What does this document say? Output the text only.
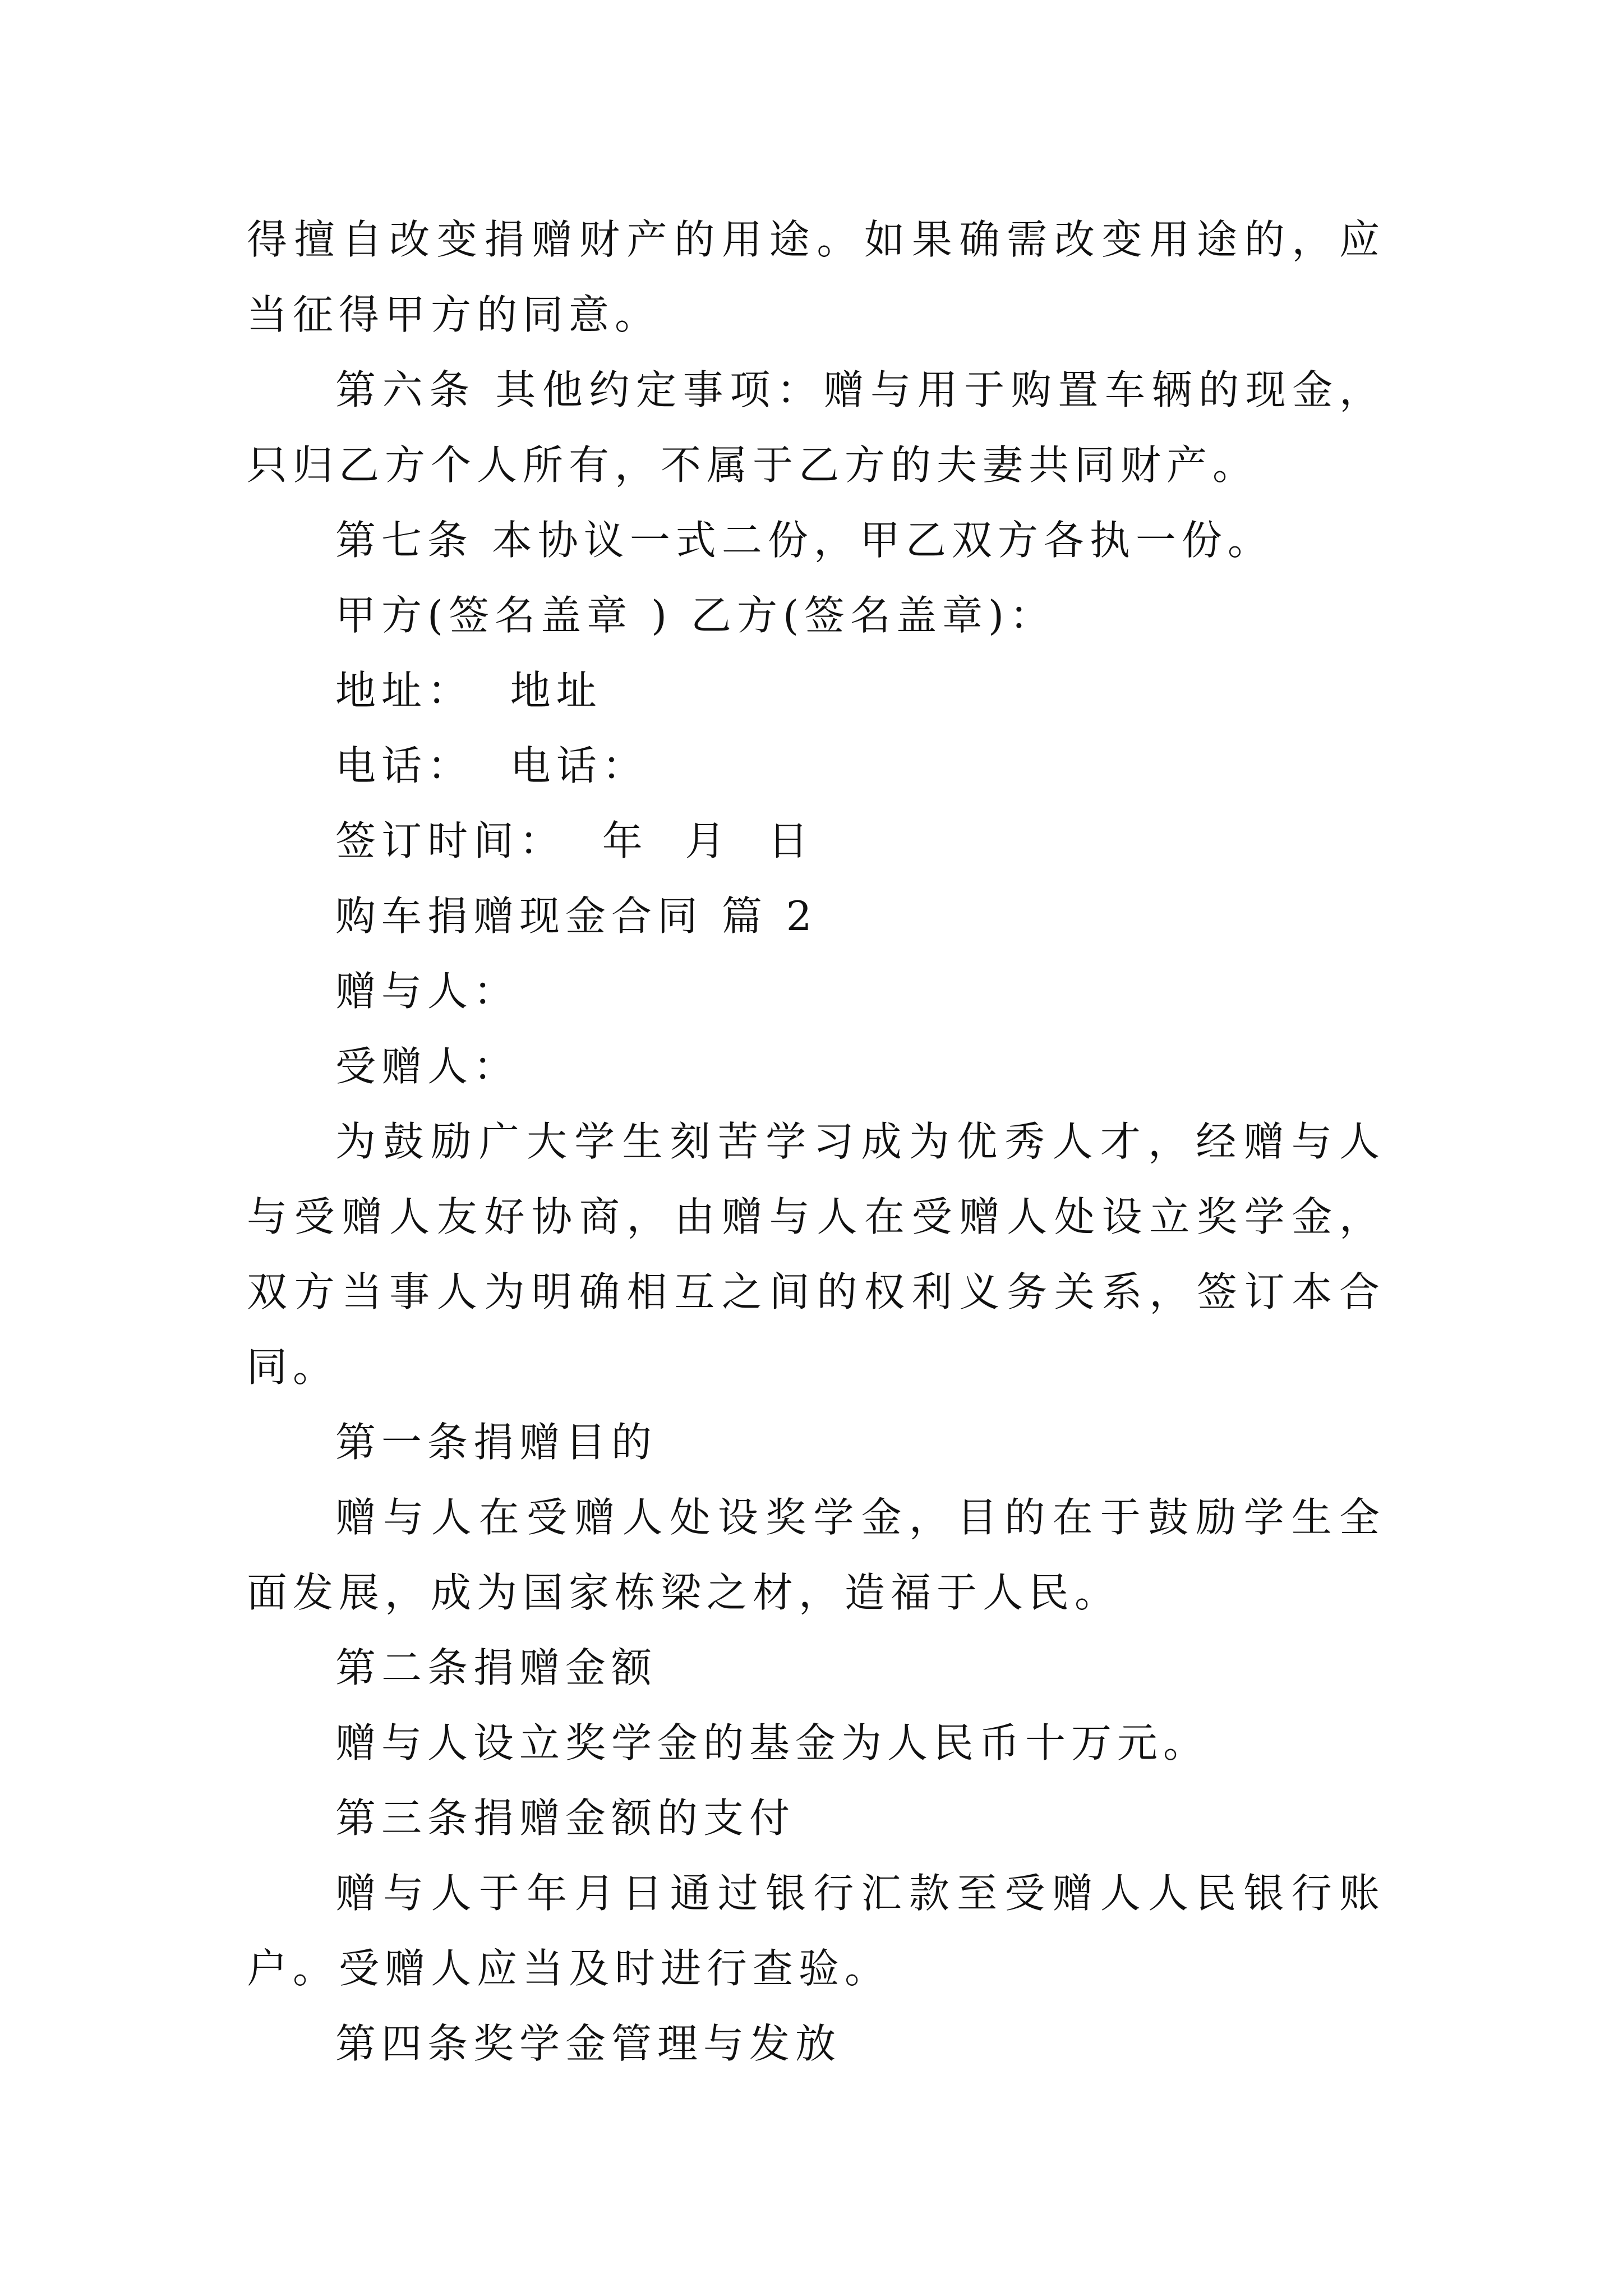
得擅自改变捐赠财产的用途。如果确需改变用途的，应当征得甲方的同意。

第六条 其他约定事项：赠与用于购置车辆的现金，只归乙方个人所有，不属于乙方的夫妻共同财产。

第七条 本协议一式二份，甲乙双方各执一份。

甲方(签名盖章 ) 乙方(签名盖章)：

地址：  地址

电话：  电话：

签订时间：  年  月  日

购车捐赠现金合同 篇 2

赠与人：

受赠人：

为鼓励广大学生刻苦学习成为优秀人才，经赠与人与受赠人友好协商，由赠与人在受赠人处设立奖学金，双方当事人为明确相互之间的权利义务关系，签订本合同。

第一条捐赠目的

赠与人在受赠人处设奖学金，目的在于鼓励学生全面发展，成为国家栋梁之材，造福于人民。

第二条捐赠金额

赠与人设立奖学金的基金为人民币十万元。

第三条捐赠金额的支付

赠与人于年月日通过银行汇款至受赠人人民银行账户。受赠人应当及时进行查验。

第四条奖学金管理与发放
